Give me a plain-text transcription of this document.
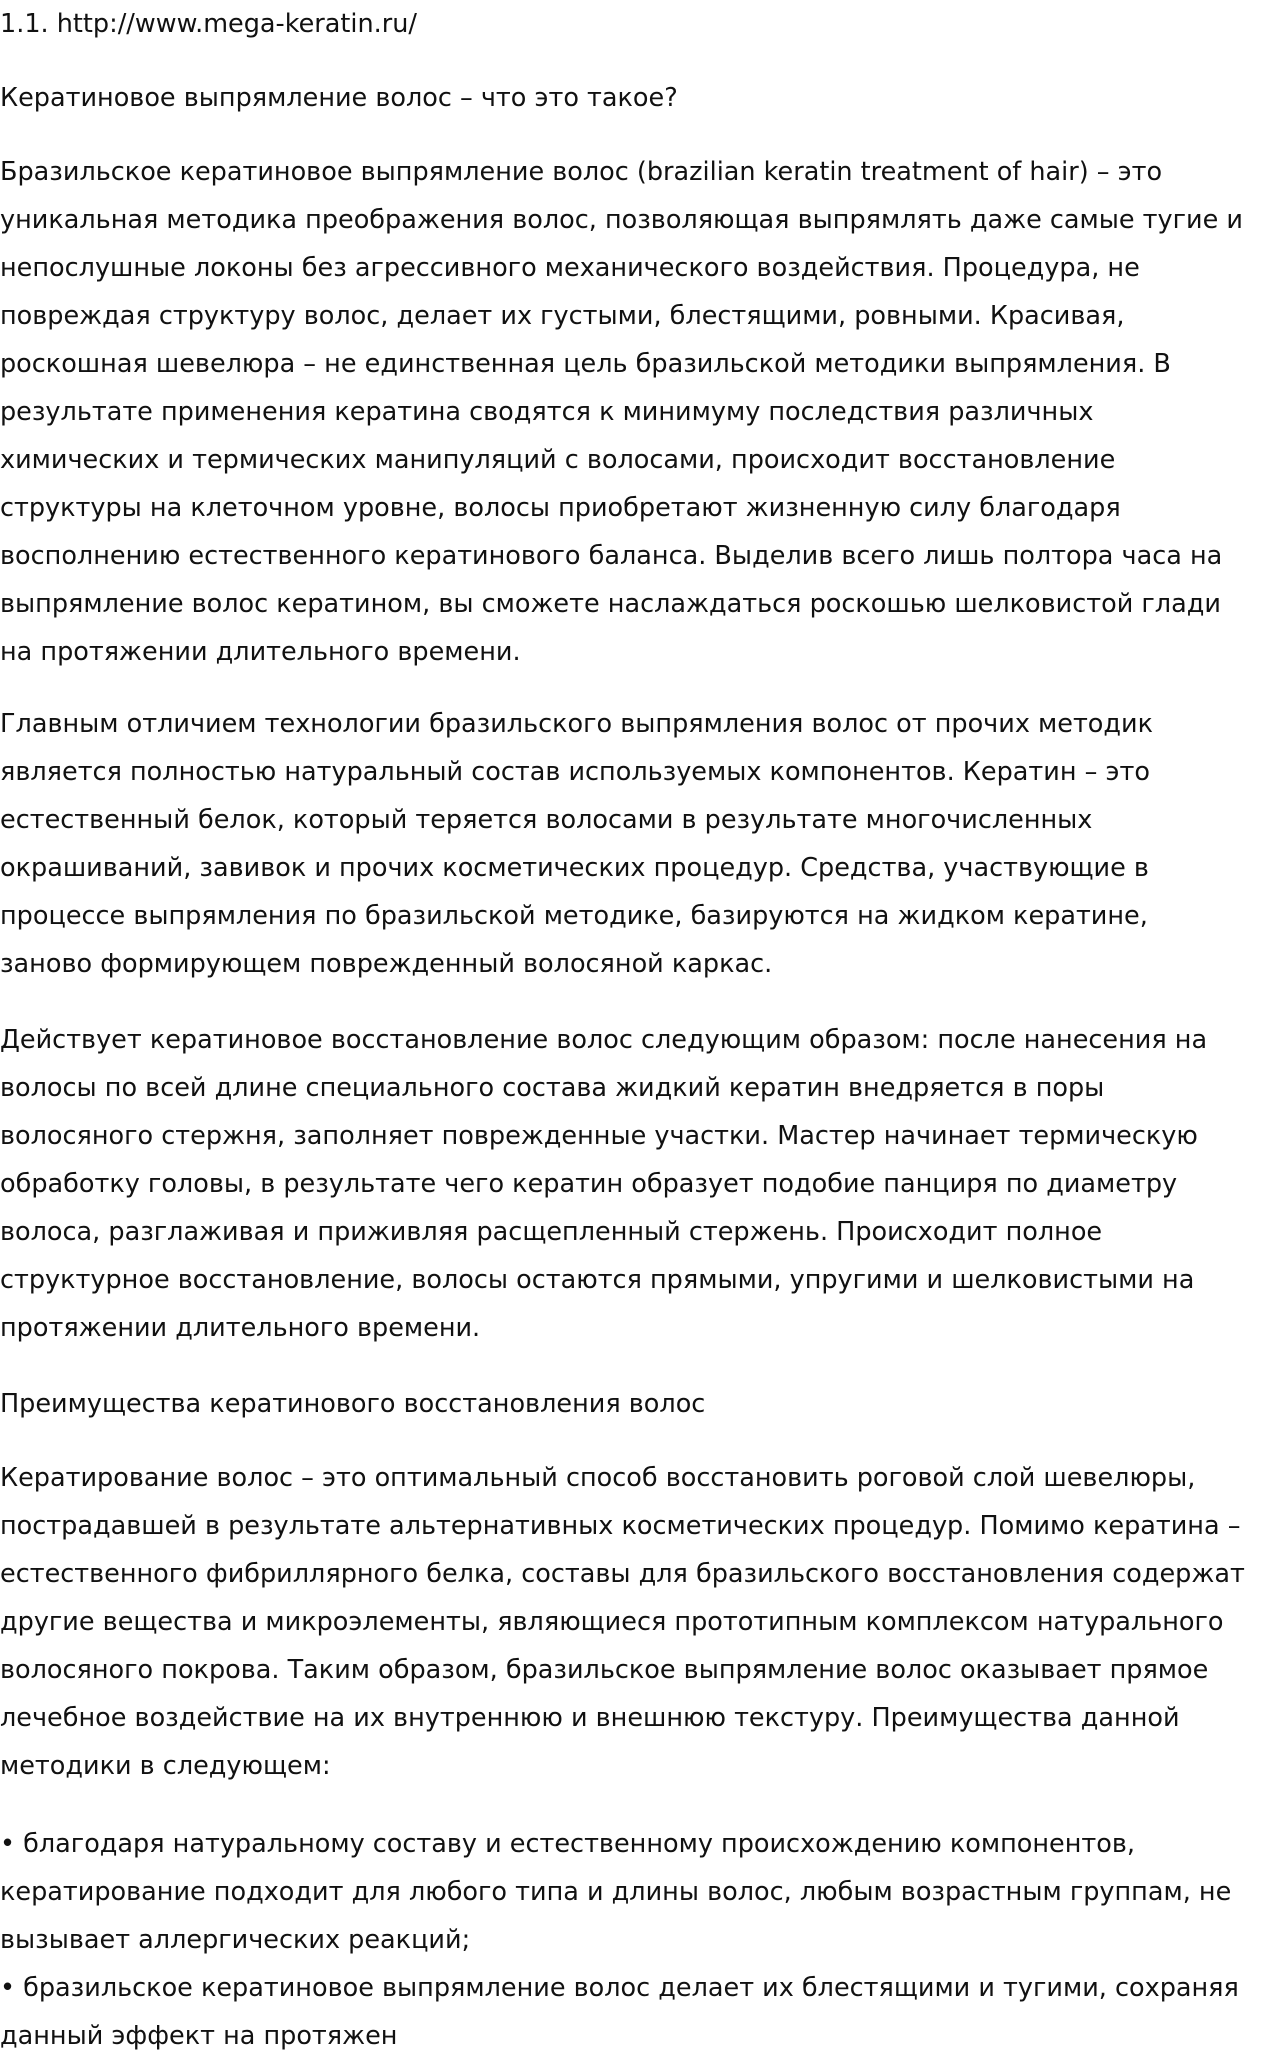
1.1. http://www.mega-keratin.ru/

Кератиновое выпрямление волос – что это такое?

Бразильское кератиновое выпрямление волос (brazilian keratin treatment of hair) – это
уникальная методика преображения волос, позволяющая выпрямлять даже самые тугие и
непослушные локоны без агрессивного механического воздействия. Процедура, не
повреждая структуру волос, делает их густыми, блестящими, ровными. Красивая,
роскошная шевелюра – не единственная цель бразильской методики выпрямления. В
результате применения кератина сводятся к минимуму последствия различных
химических и термических манипуляций с волосами, происходит восстановление
структуры на клеточном уровне, волосы приобретают жизненную силу благодаря
восполнению естественного кератинового баланса. Выделив всего лишь полтора часа на
выпрямление волос кератином, вы сможете наслаждаться роскошью шелковистой глади
на протяжении длительного времени.

Главным отличием технологии бразильского выпрямления волос от прочих методик
является полностью натуральный состав используемых компонентов. Кератин – это
естественный белок, который теряется волосами в результате многочисленных
окрашиваний, завивок и прочих косметических процедур. Средства, участвующие в
процессе выпрямления по бразильской методике, базируются на жидком кератине,
заново формирующем поврежденный волосяной каркас.

Действует кератиновое восстановление волос следующим образом: после нанесения на
волосы по всей длине специального состава жидкий кератин внедряется в поры
волосяного стержня, заполняет поврежденные участки. Мастер начинает термическую
обработку головы, в результате чего кератин образует подобие панциря по диаметру
волоса, разглаживая и приживляя расщепленный стержень. Происходит полное
структурное восстановление, волосы остаются прямыми, упругими и шелковистыми на
протяжении длительного времени.

Преимущества кератинового восстановления волос

Кератирование волос – это оптимальный способ восстановить роговой слой шевелюры,
пострадавшей в результате альтернативных косметических процедур. Помимо кератина –
естественного фибриллярного белка, составы для бразильского восстановления содержат
другие вещества и микроэлементы, являющиеся прототипным комплексом натурального
волосяного покрова. Таким образом, бразильское выпрямление волос оказывает прямое
лечебное воздействие на их внутреннюю и внешнюю текстуру. Преимущества данной
методики в следующем:

• благодаря натуральному составу и естественному происхождению компонентов,
кератирование подходит для любого типа и длины волос, любым возрастным группам, не
вызывает аллергических реакций;

• бразильское кератиновое выпрямление волос делает их блестящими и тугими, сохраняя
данный эффект на протяжен
